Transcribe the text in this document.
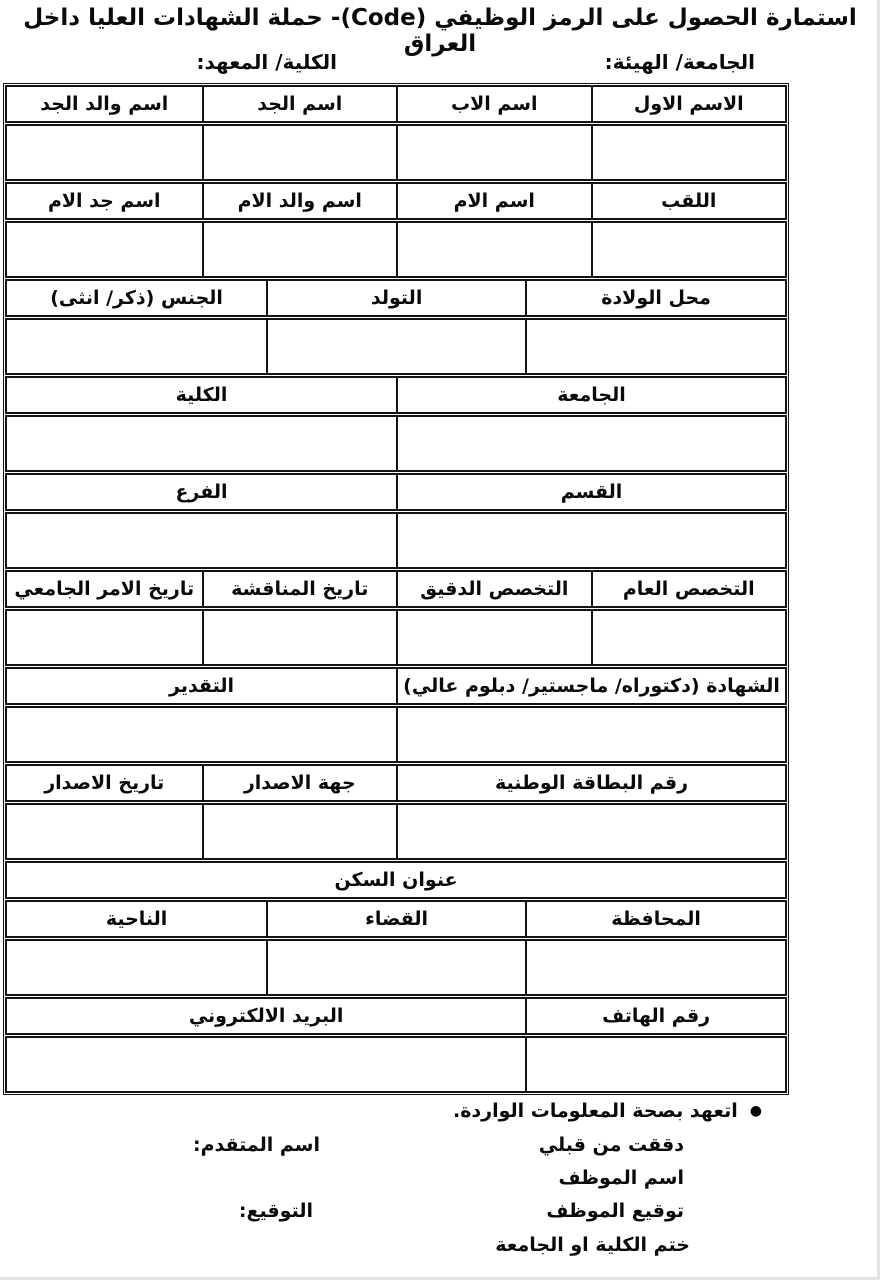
استمارة الحصول على الرمز الوظيفي (Code)- حملة الشهادات العليا داخل العراق
الجامعة/ الهيئة:
الكلية/ المعهد:
الاسم الاول
اسم الاب
اسم الجد
اسم والد الجد
اللقب
اسم الام
اسم والد الام
اسم جد الام
محل الولادة
التولد
الجنس (ذكر/ انثى)
الجامعة
الكلية
القسم
الفرع
التخصص العام
التخصص الدقيق
تاريخ المناقشة
تاريخ الامر الجامعي
الشهادة (دكتوراه/ ماجستير/ دبلوم عالي)
التقدير
رقم البطاقة الوطنية
جهة الاصدار
تاريخ الاصدار
عنوان السكن
المحافظة
القضاء
الناحية
رقم الهاتف
البريد الالكتروني
●
اتعهد بصحة المعلومات الواردة.
دققت من قبلي
اسم المتقدم:
اسم الموظف
توقيع الموظف
التوقيع:
ختم الكلية او الجامعة
